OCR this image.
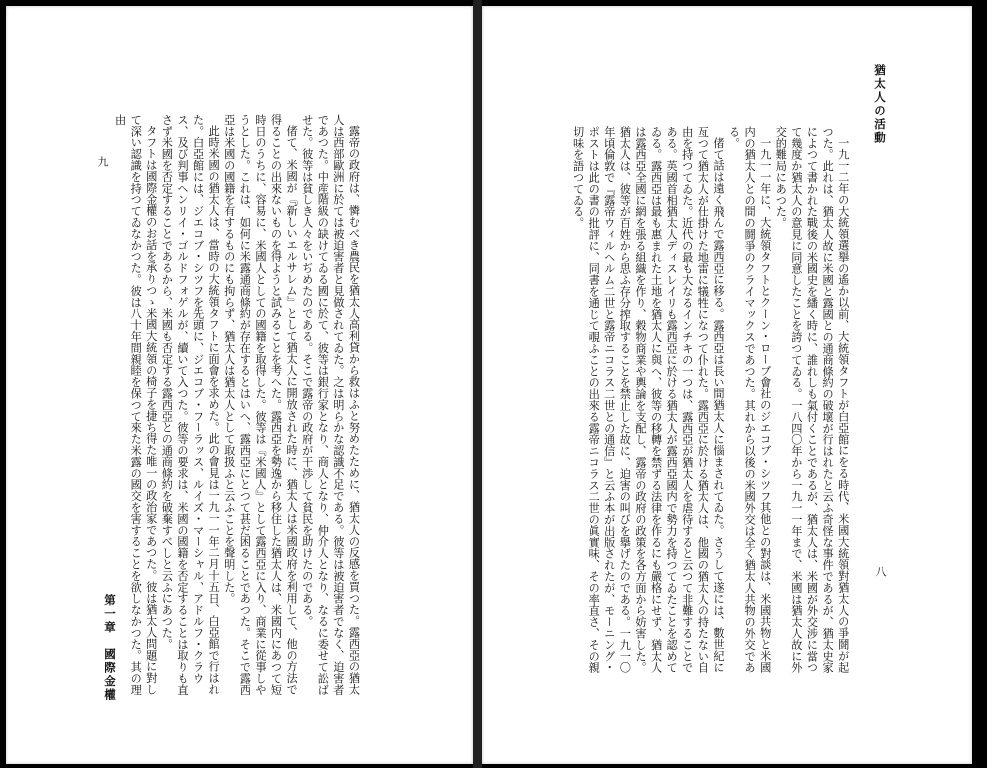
露帝の政府は、憐むべき農民を猶太人高利貸から救はふと努めたために、猶太人の反感を買つた。露西亞の猶太人は西部歐洲に於ては被迫害者と見做されてゐた。之は明らかな認識不足である。彼等は被迫害者でなく、迫害者であつた。中産階級の缺けてゐる國に於て、彼等は銀行家となり、商人となり、仲介人となり、なるに委せて訟ばせた。彼等は貧しき人々をいぢめたのである。そこで露帝の政府が干渉して貧民を助けたのである。

偖て、米國が『新しいエルサレム』として猶太人に開放された時に、猶太人は米國政府を利用して、他の方法で得ることの出來ないものを得ようと試みることを考へた。露西亞を勢逸から移住した猶太人は、米國内にあつて短時日のうちに、容易に、米國人としての國籍を取得した。彼等は『米國人』として露西亞に入り、商業に從事しやうとした。これは、如何に米露通商條約が存在するとはいへ、露西亞にとつて甚だ困ることであつた。そこで露西亞は米國の國籍を有するものにも拘らず、猶太人は猶太人として取扱ふと云ふことを聲明した。

此時米國の猶太人は、當時の大統領タフトに面會を求めた。此の會見は一九一一年二月十五日、白亞館で行はれた。白亞館には、ジエコブ・シツフを先頭に、ジエコブ・フーラッス、ルイズ・マーシャル、アドルフ・クラウス、及び判事ヘンリイ・ゴルドフォゲルが、續いて入つた。彼等の要求は、米國の國籍を否定することは取りも直さず米國を否定することであるから、米國も否定する露西亞との通商條約を破棄すべしと云ふにあつた。

タフトは國際金權のお話を承りつゝ米國大統領の椅子を捷ち得た唯一の政治家であつた。彼は猶太人問題に對して深い認識を持つてゐなかつた。彼は八十年間親睦を保つて來た米露の國交を害することを欲しなかつた。其の理由

第一章　國際金權
九
猶太人の活動
八

一九一二年の大統領選擧の遙か以前、大統領タフトが白亞館にをる時代、米國大統領對猶太人の爭鬪が起つた。此れは、猶太人故に米國と露國との通商條約の破壞が行はれたと云ふ奇怪な事件であるが、猶太史家によつて書かれた戰後の米國史を繙く時に、誰れしも氣付くことであるが、猶太人は、米國が外交涉に當つて幾度か猶太人の意見に同意したことを誇つてゐる。一八四〇年から一九一一年まで、米國は猶太人故に外交的難局にあつた。

一九一一年に、大統領タフトとクーン・ローブ會社のジエコブ・シツフ其他との對談は、米國共物と米國内の猶太人との間の鬪爭のクライマックスであつた。其れから以後の米國外交は全く猶太人共物の外交である。

偖て話は遠く飛んで露西亞に移る。露西亞は長い間猶太人に惱まされてゐた。さうして遂には、數世紀に亙つて猶太人が仕掛けた地雷に犠牲になつて仆れた。露西亞に於ける猶太人は、他國の猶太人の持たない自由を持つてゐた。近代の最も大なるインチキの一つは、露西亞が猶太人を虐待すると云つて非難することである。英國首相猶太人ディスレイリも露西亞に於ける猶太人が露西亞國内で勢力を持つてゐたことを認めてゐる。露西亞は最も惠まれた土地を猶太人に與へ、彼等の移轉を禁ずる法律を作るにも嚴格にせず、猶太人は露西亞全國に網を張る組織を作り、穀物商業や輿論を支配し、露帝の政府の政策を各方面から妨害した。猶太人は、彼等が百姓から思ふ存分搾取することを禁止した故に、迫害の叫びを擧げたのである。一九一〇年頃倫敦で『露帝ウィルヘルム二世と露帝ニコラス二世との通信』と云ふ本が出版されたが、モーニング・ポストは此の書の批評に、同書を通じて覗ふことの出來る露帝ニコラス二世の眞實味、その率直さ、その親切味を語つてゐる。
